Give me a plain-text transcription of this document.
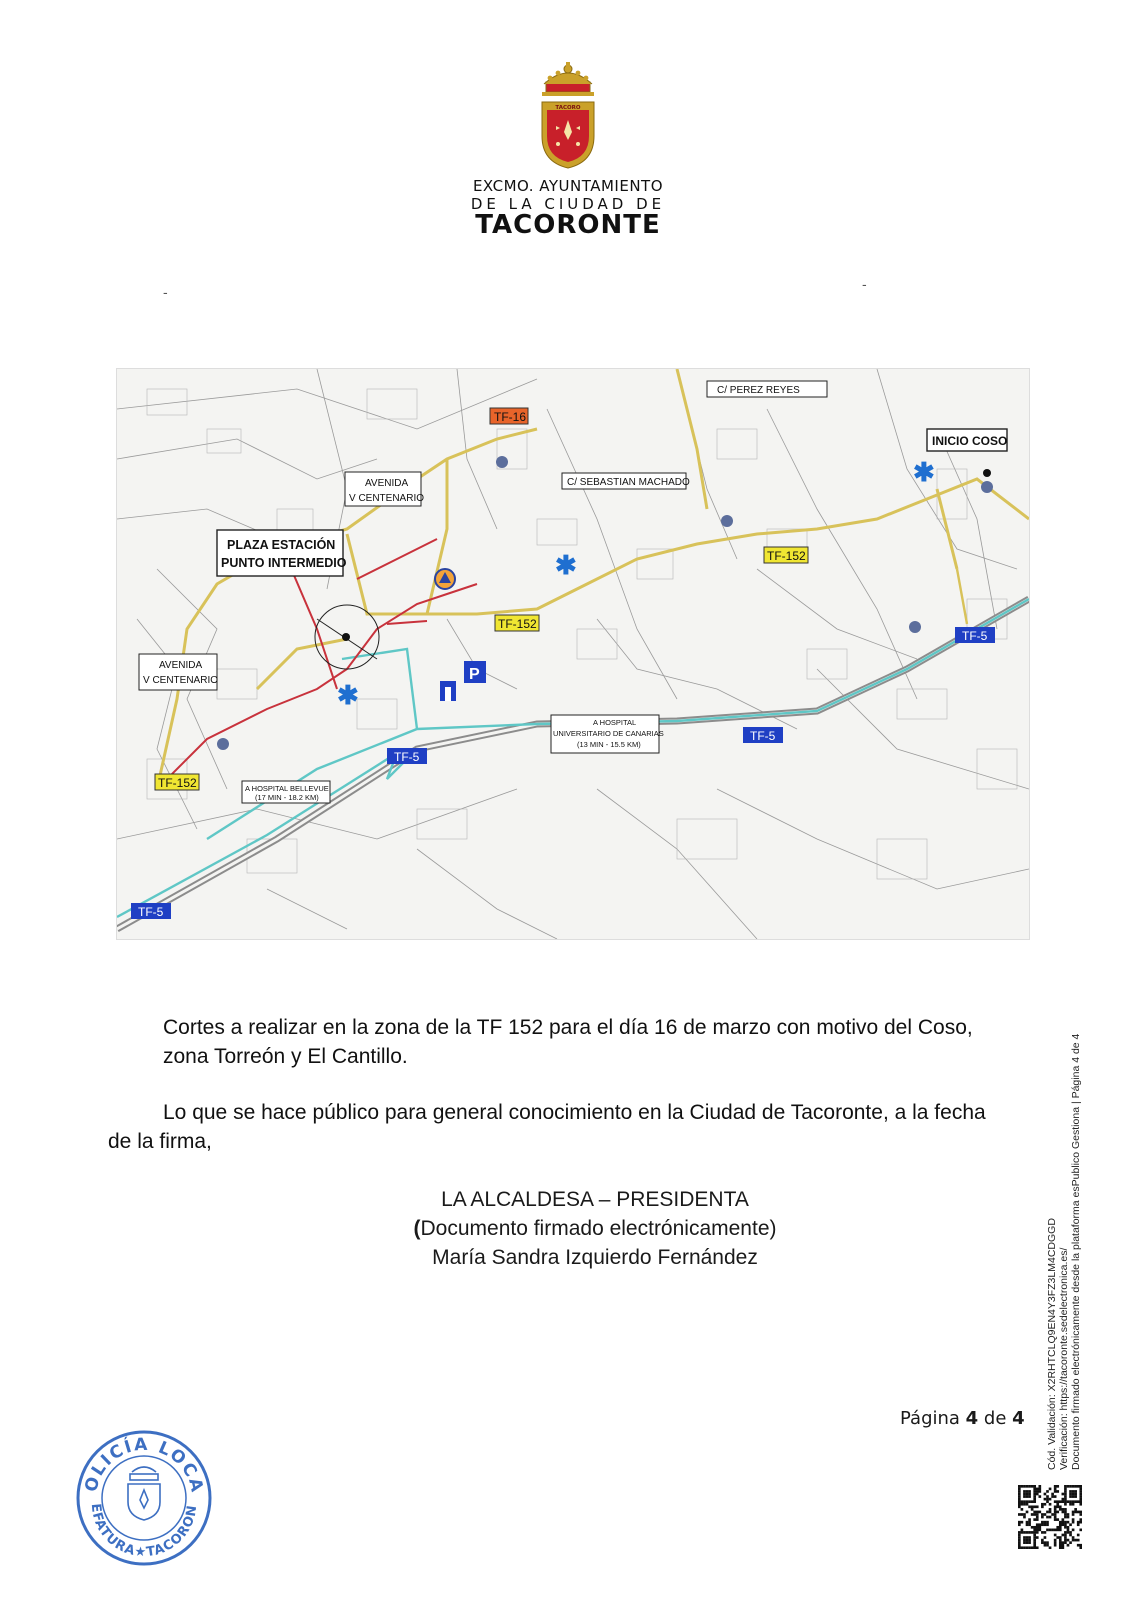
TACORO
EXCMO. AYUNTAMIENTO
DE LA CIUDAD DE
TACORONTE
-	-
✱
✱
✱
P
C/ PEREZ REYES
INICIO COSO
AVENIDA
V CENTENARIO
C/ SEBASTIAN MACHADO
PLAZA ESTACIÓN
PUNTO INTERMEDIO
AVENIDA
V CENTENARIO
A HOSPITAL
UNIVERSITARIO DE CANARIAS
(13 MIN - 15.5 KM)
A HOSPITAL BELLEVUE
(17 MIN - 18.2 KM)
TF-16
TF-152
TF-152
TF-152
TF-5
TF-5
TF-5
TF-5
Cortes a realizar en la zona de la TF 152 para el día 16 de marzo con motivo del Coso, zona Torreón y El Cantillo.
Lo que se hace público para general conocimiento en la Ciudad de Tacoronte, a la fecha de la firma,
LA ALCALDESA – PRESIDENTA
(Documento firmado electrónicamente)
María Sandra Izquierdo Fernández
Página 4 de 4 Cód. Validación: X2RHTCLQ9EN4Y3FZ3LM4CDGGD Verificación: https://tacoronte.sedelectronica.es/ Documento firmado electrónicamente desde la plataforma esPublico Gestiona | Página 4 de 4
OLICÍA LOCA
EFATURA★TACORON
